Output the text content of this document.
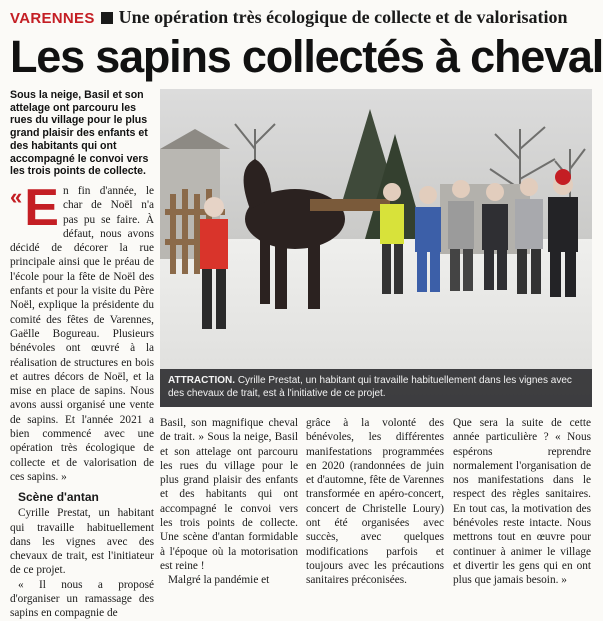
VARENNES Une opération très écologique de collecte et de valorisation
Les sapins collectés à cheval
Sous la neige, Basil et son attelage ont parcouru les rues du village pour le plus grand plaisir des enfants et des habitants qui ont accompagné le convoi vers les trois points de collecte.

« E n fin d'année, le char de Noël n'a pas pu se faire. À défaut, nous avons décidé de décorer la rue principale ainsi que le préau de l'école pour la fête de Noël des enfants et pour la visite du Père Noël, explique la présidente du comité des fêtes de Varennes, Gaëlle Bogureau. Plusieurs bénévoles ont œuvré à la réalisation de structures en bois et autres décors de Noël, et la mise en place de sapins. Nous avons aussi organisé une vente de sapins. Et l'année 2021 a bien commencé avec une opération très écologique de collecte et de valorisation de ces sapins. »

Scène d'antan

Cyrille Prestat, un habitant qui travaille habituellement dans les vignes avec des chevaux de trait, est l'initiateur de ce projet.

« Il nous a proposé d'organiser un ramassage des sapins en compagnie de

ATTRACTION. Cyrille Prestat, un habitant qui travaille habituellement dans les vignes avec des chevaux de trait, est à l'initiative de ce projet.

Basil, son magnifique cheval de trait. » Sous la neige, Basil et son attelage ont parcouru les rues du village pour le plus grand plaisir des enfants et des habitants qui ont accompagné le convoi vers les trois points de collecte. Une scène d'antan formidable à l'époque où la motorisation est reine !

Malgré la pandémie et

grâce à la volonté des bénévoles, les différentes manifestations programmées en 2020 (randonnées de juin et d'automne, fête de Varennes transformée en apéro-concert, concert de Christelle Loury) ont été organisées avec succès, avec quelques modifications parfois et toujours avec les précautions sanitaires préconisées.

Que sera la suite de cette année particulière ? « Nous espérons reprendre normalement l'organisation de nos manifestations dans le respect des règles sanitaires. En tout cas, la motivation des bénévoles reste intacte. Nous mettrons tout en œuvre pour continuer à animer le village et divertir les gens qui en ont plus que jamais besoin. »
